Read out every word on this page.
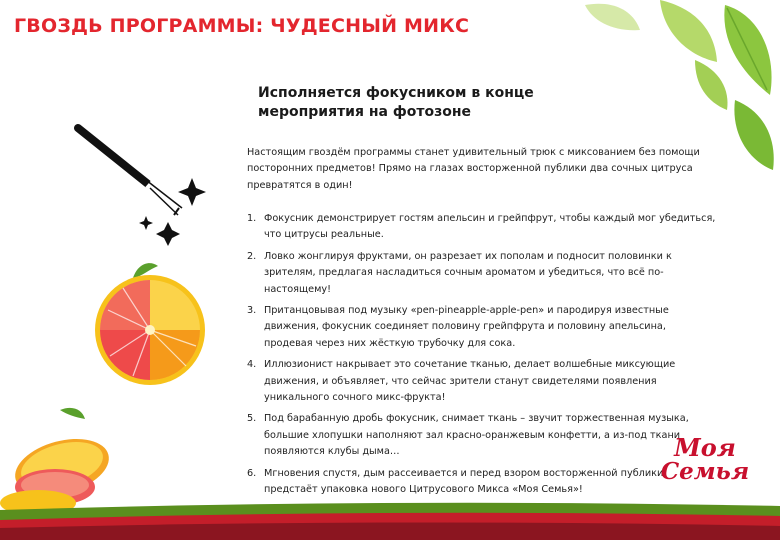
ГВОЗДЬ ПРОГРАММЫ: ЧУДЕСНЫЙ МИКС
Исполняется фокусником в конце мероприятия на фотозоне
Настоящим гвоздём программы станет удивительный трюк с миксованием без помощи посторонних предметов! Прямо на глазах восторженной публики два сочных цитруса превратятся в один!
1. Фокусник демонстрирует гостям апельсин и грейпфрут, чтобы каждый мог убедиться, что цитрусы реальные.
2. Ловко жонглируя фруктами, он разрезает их пополам и подносит половинки к зрителям, предлагая насладиться сочным ароматом и убедиться, что всё по-настоящему!
3. Пританцовывая под музыку «pen-pineapple-apple-pen» и пародируя известные движения, фокусник соединяет половину грейпфрута и половину апельсина, продевая через них жёсткую трубочку для сока.
4. Иллюзионист накрывает это сочетание тканью, делает волшебные миксующие движения, и объявляет, что сейчас зрители станут свидетелями появления уникального сочного микс-фрукта!
5. Под барабанную дробь фокусник, снимает ткань – звучит торжественная музыка, большие хлопушки наполняют зал красно-оранжевым конфетти, а из-под ткани появляются клубы дыма…
6. Мгновения спустя, дым рассеивается и перед взором восторженной публики предстаёт упаковка нового Цитрусового Микса «Моя Семья»!
Моя
Семья
